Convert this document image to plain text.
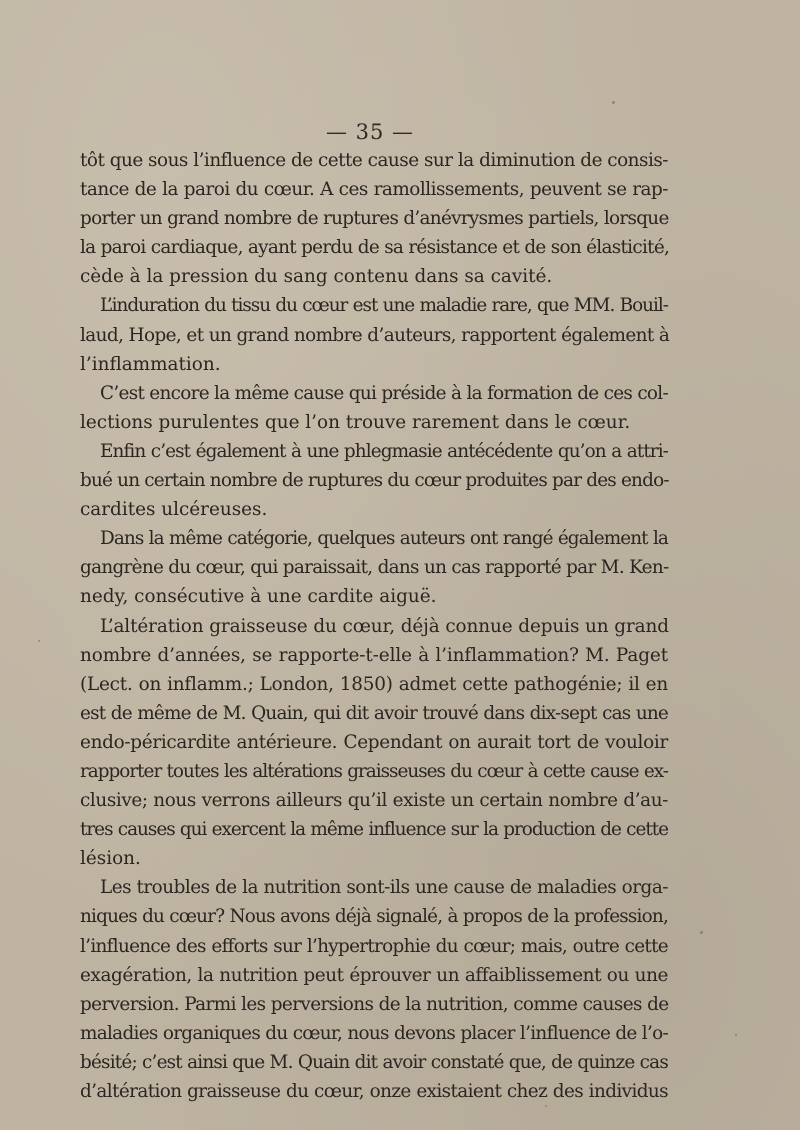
— 35 —
tôt que sous l’influence de cette cause sur la diminution de consis-
tance de la paroi du cœur. A ces ramollissements, peuvent se rap-
porter un grand nombre de ruptures d’anévrysmes partiels, lorsque
la paroi cardiaque, ayant perdu de sa résistance et de son élasticité,
cède à la pression du sang contenu dans sa cavité.
L’induration du tissu du cœur est une maladie rare, que MM. Bouil-
laud, Hope, et un grand nombre d’auteurs, rapportent également à
l’inflammation.
C’est encore la même cause qui préside à la formation de ces col-
lections purulentes que l’on trouve rarement dans le cœur.
Enfin c’est également à une phlegmasie antécédente qu’on a attri-
bué un certain nombre de ruptures du cœur produites par des endo-
cardites ulcéreuses.
Dans la même catégorie, quelques auteurs ont rangé également la
gangrène du cœur, qui paraissait, dans un cas rapporté par M. Ken-
nedy, consécutive à une cardite aiguë.
L’altération graisseuse du cœur, déjà connue depuis un grand
nombre d’années, se rapporte-t-elle à l’inflammation? M. Paget
(Lect. on inflamm.; London, 1850) admet cette pathogénie; il en
est de même de M. Quain, qui dit avoir trouvé dans dix-sept cas une
endo-péricardite antérieure. Cependant on aurait tort de vouloir
rapporter toutes les altérations graisseuses du cœur à cette cause ex-
clusive; nous verrons ailleurs qu’il existe un certain nombre d’au-
tres causes qui exercent la même influence sur la production de cette
lésion.
Les troubles de la nutrition sont-ils une cause de maladies orga-
niques du cœur? Nous avons déjà signalé, à propos de la profession,
l’influence des efforts sur l’hypertrophie du cœur; mais, outre cette
exagération, la nutrition peut éprouver un affaiblissement ou une
perversion. Parmi les perversions de la nutrition, comme causes de
maladies organiques du cœur, nous devons placer l’influence de l’o-
bésité; c’est ainsi que M. Quain dit avoir constaté que, de quinze cas
d’altération graisseuse du cœur, onze existaient chez des individus
